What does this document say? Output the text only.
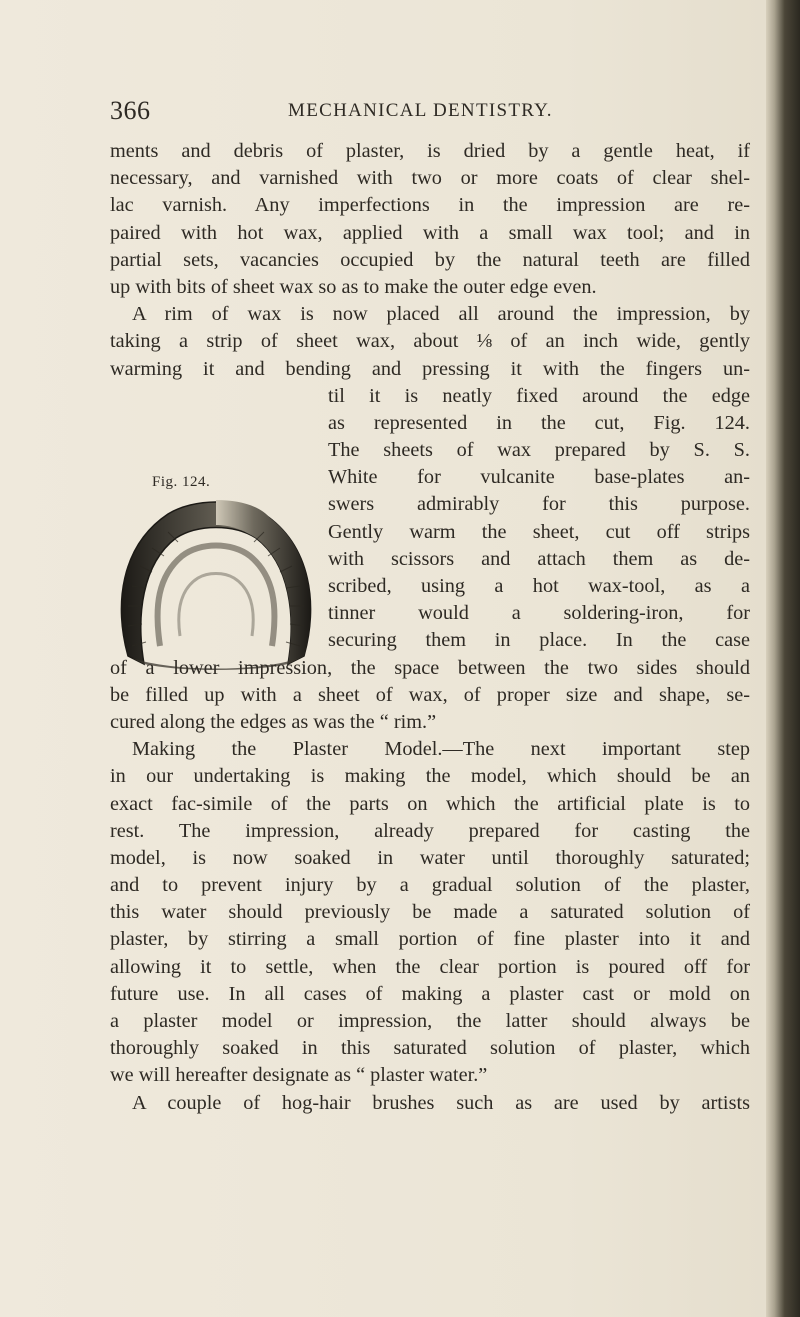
366	MECHANICAL DENTISTRY.
Fig. 124.
ments and debris of plaster, is dried by a gentle heat, if
necessary, and varnished with two or more coats of clear shel-
lac varnish. Any imperfections in the impression are re-
paired with hot wax, applied with a small wax tool; and in
partial sets, vacancies occupied by the natural teeth are filled
up with bits of sheet wax so as to make the outer edge even.
A rim of wax is now placed all around the impression, by
taking a strip of sheet wax, about ⅛ of an inch wide, gently
warming it and bending and pressing it with the fingers un-
til it is neatly fixed around the edge
as represented in the cut, Fig. 124.
The sheets of wax prepared by S. S.
White for vulcanite base-plates an-
swers admirably for this purpose.
Gently warm the sheet, cut off strips
with scissors and attach them as de-
scribed, using a hot wax-tool, as a
tinner would a soldering-iron, for
securing them in place. In the case
of a lower impression, the space between the two sides should
be filled up with a sheet of wax, of proper size and shape, se-
cured along the edges as was the “ rim.”
Making the Plaster Model.—The next important step
in our undertaking is making the model, which should be an
exact fac-simile of the parts on which the artificial plate is to
rest. The impression, already prepared for casting the
model, is now soaked in water until thoroughly saturated;
and to prevent injury by a gradual solution of the plaster,
this water should previously be made a saturated solution of
plaster, by stirring a small portion of fine plaster into it and
allowing it to settle, when the clear portion is poured off for
future use. In all cases of making a plaster cast or mold on
a plaster model or impression, the latter should always be
thoroughly soaked in this saturated solution of plaster, which
we will hereafter designate as “ plaster water.”
A couple of hog-hair brushes such as are used by artists
